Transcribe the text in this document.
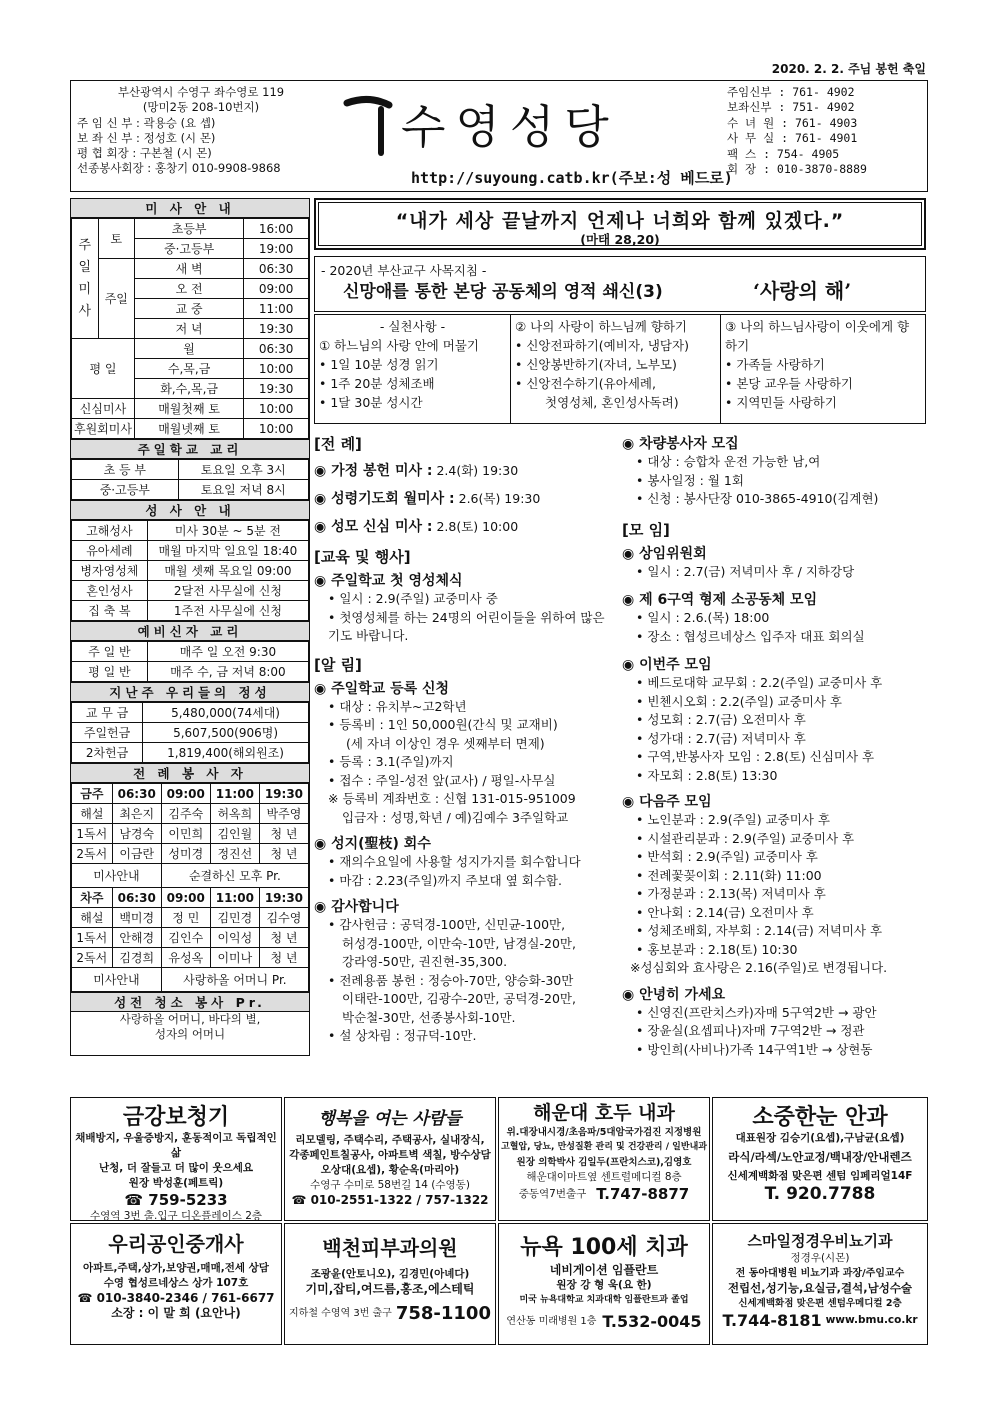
2020. 2. 2. 주님 봉헌 축일
부산광역시 수영구 좌수영로 119
(망미2동 208-10번지)
주 임 신 부 : 곽용승 (요 셉)
보 좌 신 부 : 정성호 (시 몬)
평 협 회장 : 구본철 (시 몬)
선종봉사회장 : 홍창기 010-9908-9868
수영성당
http://suyoung.catb.kr(주보:성 베드로)
주임신부 : 761- 4902
보좌신부 : 751- 4902
수 녀 원 : 761- 4903
사 무 실 : 761- 4901
팩 스 : 754- 4905
회 장 : 010-3870-8889
미 사 안 내
주일미사	토	초등부	16:00
		중·고등부	19:00
	주일	새 벽	06:30
		오 전	09:00
		교 중	11:00
		저 녁	19:30
평 일		월	06:30
		수,목,금	10:00
		화,수,목,금	19:30
신심미사		매월첫째 토	10:00
후원회미사		매월넷째 토	10:00
주일학교 교리
초 등 부	토요일 오후 3시
중·고등부	토요일 저녁 8시
성 사 안 내
고해성사	미사 30분 ~ 5분 전
유아세례	매월 마지막 일요일 18:40
병자영성체	매월 셋째 목요일 09:00
혼인성사	2달전 사무실에 신청
집 축 복	1주전 사무실에 신청
예비신자 교리
주 일 반	매주 일 오전 9:30
평 일 반	매주 수, 금 저녁 8:00
지난주 우리들의 정성
교 무 금	5,480,000(74세대)
주일헌금	5,607,500(906명)
2차헌금	1,819,400(해외원조)
전 례 봉 사 자
금주	06:30	09:00	11:00	19:30
해설	최은지	김주숙	허옥희	박주영
1독서	남경숙	이민희	김인월	청 년
2독서	이금란	성미경	정진선	청 년
미사안내		순결하신 모후 Pr.		
차주	06:30	09:00	11:00	19:30
해설	백미경	정 민	김민경	김수영
1독서	안해경	김인수	이익성	청 년
2독서	김경희	유성옥	이미나	청 년
미사안내		사랑하올 어머니 Pr.		
성전 청소 봉사 Pr.
사랑하올 어머니, 바다의 별,
성자의 어머니
“내가 세상 끝날까지 언제나 너희와 함께 있겠다.”
(마태 28,20)
- 2020년 부산교구 사목지침 -
신망애를 통한 본당 공동체의 영적 쇄신(3)	‘사랑의 해’
- 실천사항 -
① 하느님의 사랑 안에 머물기
• 1일 10분 성경 읽기
• 1주 20분 성체조배
• 1달 30분 성시간
② 나의 사랑이 하느님께 향하기
• 신앙전파하기(예비자, 냉담자)
• 신앙봉반하기(자녀, 노부모)
• 신앙전수하기(유아세례,
첫영성체, 혼인성사독려)
③ 나의 하느님사랑이 이웃에게 향하기
• 가족들 사랑하기
• 본당 교우들 사랑하기
• 지역민들 사랑하기
[전 례]
◉ 가정 봉헌 미사 : 2.4(화) 19:30
◉ 성령기도회 월미사 : 2.6(목) 19:30
◉ 성모 신심 미사 : 2.8(토) 10:00
[교육 및 행사]
◉ 주일학교 첫 영성체식
• 일시 : 2.9(주일) 교중미사 중
• 첫영성체를 하는 24명의 어린이들을 위하여 많은 기도 바랍니다.
[알 림]
◉ 주일학교 등록 신청
• 대상 : 유치부~고2학년
• 등록비 : 1인 50,000원(간식 및 교재비)
(세 자녀 이상인 경우 셋째부터 면제)
• 등록 : 3.1(주일)까지
• 접수 : 주일-성전 앞(교사) / 평일-사무실
※ 등록비 계좌번호 : 신협 131-015-951009
입금자 : 성명,학년 / 예)김예수 3주일학교
◉ 성지(聖枝) 회수
• 재의수요일에 사용할 성지가지를 회수합니다
• 마감 : 2.23(주일)까지 주보대 옆 회수함.
◉ 감사합니다
• 감사헌금 : 공덕경-100만, 신민균-100만,
허성경-100만, 이만숙-10만, 남경실-20만,
강라영-50만, 권진현-35,300.
• 전례용품 봉헌 : 정승아-70만, 양승화-30만
이태란-100만, 김광수-20만, 공덕경-20만,
박순철-30만, 선종봉사회-10만.
• 설 상차림 : 정규덕-10만.
◉ 차량봉사자 모집
• 대상 : 승합차 운전 가능한 남,여
• 봉사일정 : 월 1회
• 신청 : 봉사단장 010-3865-4910(김계현)
[모 임]
◉ 상임위원회
• 일시 : 2.7(금) 저녁미사 후 / 지하강당
◉ 제 6구역 형제 소공동체 모임
• 일시 : 2.6.(목) 18:00
• 장소 : 협성르네상스 입주자 대표 회의실
◉ 이번주 모임
• 베드로대학 교무회 : 2.2(주일) 교중미사 후
• 빈첸시오회 : 2.2(주일) 교중미사 후
• 성모회 : 2.7(금) 오전미사 후
• 성가대 : 2.7(금) 저녁미사 후
• 구역,반봉사자 모임 : 2.8(토) 신심미사 후
• 자모회 : 2.8(토) 13:30
◉ 다음주 모임
• 노인분과 : 2.9(주일) 교중미사 후
• 시설관리분과 : 2.9(주일) 교중미사 후
• 반석회 : 2.9(주일) 교중미사 후
• 전례꽃꽂이회 : 2.11(화) 11:00
• 가정분과 : 2.13(목) 저녁미사 후
• 안나회 : 2.14(금) 오전미사 후
• 성체조배회, 자부회 : 2.14(금) 저녁미사 후
• 홍보분과 : 2.18(토) 10:30
※성심회와 효사랑은 2.16(주일)로 변경됩니다.
◉ 안녕히 가세요
• 신영진(프란치스카)자매 5구역2반 → 광안
• 장윤실(요셉피나)자매 7구역2반 → 정관
• 방인희(사비나)가족 14구역1반 → 상현동
금강보청기
채배방지, 우울증방지, 훈동적이고 독립적인 삶
난청, 더 잘들고 더 많이 웃으세요
원장 박성훈(페트릭)
☎ 759-5233
수영역 3번 출.입구 디온플레이스 2층
행복을 여는 사람들
리모델링, 주택수리, 주택공사, 실내장식,
각종페인트칠공사, 아파트벽 색칠, 방수상담
오상대(요셉), 황순옥(마리아)
수영구 수미로 58번길 14 (수영동)
☎ 010-2551-1322 / 757-1322
해운대 호두 내과
위.대장내시경/초음파/5대암국가검진 지정병원
고혈압, 당뇨, 만성질환 관리 및 건강관리 / 일반내과
원장 의학박사 김일두(프란치스코),김영호
해운대이마트옆 센트럴메디컬 8층
중동역7번출구 T.747-8877
소중한눈 안과
대표원장 김승기(요셉),구남균(요셉)
라식/라섹/노안교정/백내장/안내렌즈
신세계백화점 맞은편 센텀 임페리얼14F
T. 920.7788
우리공인중개사
아파트,주택,상가,보양권,매매,전세 상담
수영 협성르네상스 상가 107호
☎ 010-3840-2346 / 761-6677
소장 : 이 말 희 (요안나)
백천피부과의원
조광윤(안토니오), 김경민(아녜다)
기미,잡티,여드름,홍조,에스테틱
지하철 수영역 3번 출구 758-1100
뉴욕 100세 치과
네비게이션 임플란트
원장 강 형 욱(요 한)
미국 뉴욕대학교 치과대학 임플란트과 졸업
연산동 미래병원 1층 T.532-0045
스마일정경우비뇨기과
정경우(시몬)
전 동아대병원 비뇨기과 과장/주임교수
전립선,성기능,요실금,결석,남성수술
신세계백화점 맞은편 센텀우메디컬 2층
T.744-8181 www.bmu.co.kr
